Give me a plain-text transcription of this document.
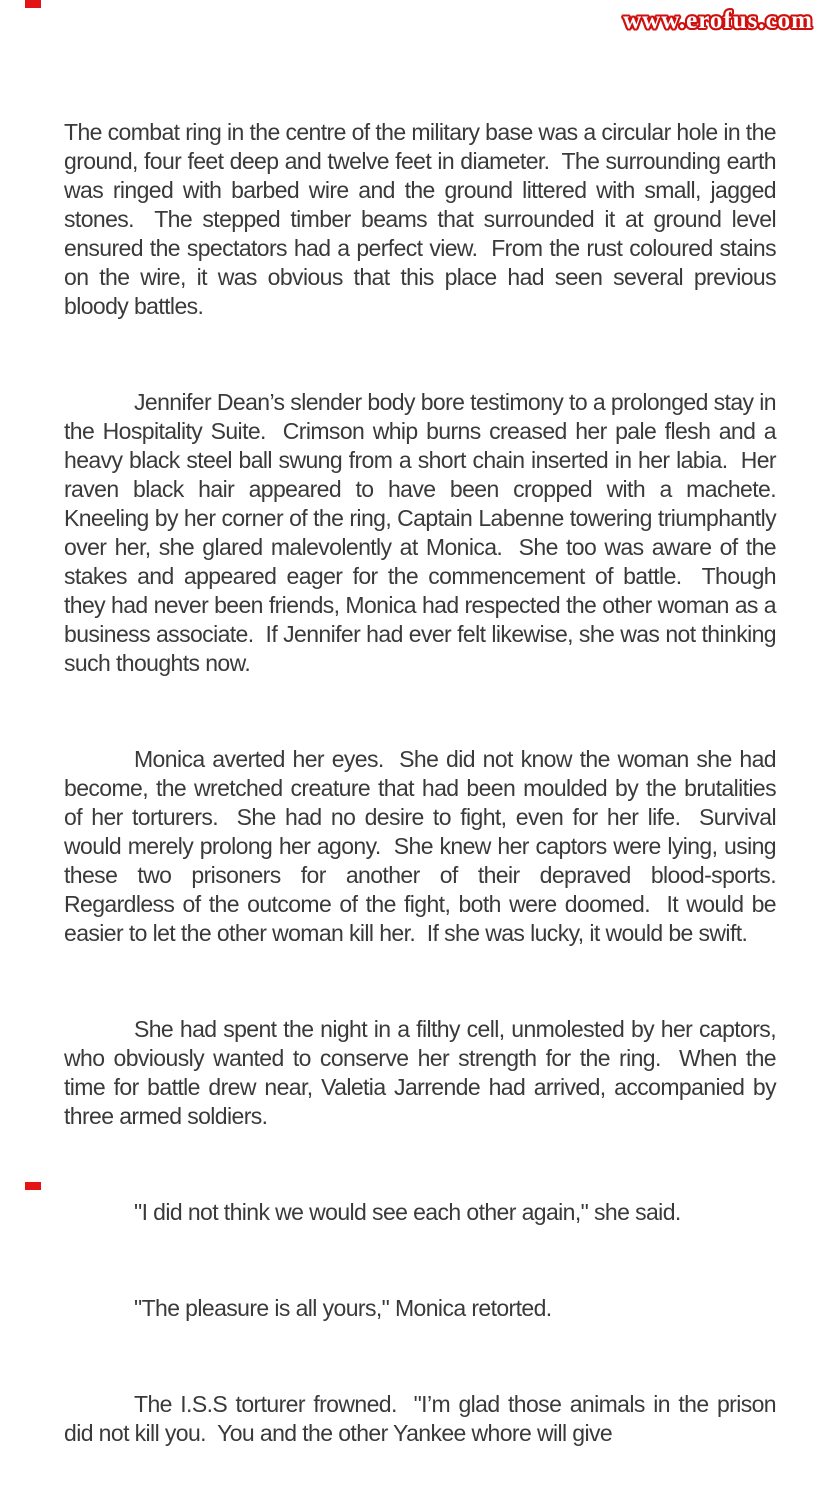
www.erofus.com

The combat ring in the centre of the military base was a circular hole in the ground, four feet deep and twelve feet in diameter.  The surrounding earth was ringed with barbed wire and the ground littered with small, jagged stones.  The stepped timber beams that surrounded it at ground level ensured the spectators had a perfect view.  From the rust coloured stains on the wire, it was obvious that this place had seen several previous bloody battles.

Jennifer Dean’s slender body bore testimony to a prolonged stay in the Hospitality Suite.  Crimson whip burns creased her pale flesh and a heavy black steel ball swung from a short chain inserted in her labia.  Her raven black hair appeared to have been cropped with a machete.  Kneeling by her corner of the ring, Captain Labenne towering triumphantly over her, she glared malevolently at Monica.  She too was aware of the stakes and appeared eager for the commencement of battle.  Though they had never been friends, Monica had respected the other woman as a business associate.  If Jennifer had ever felt likewise, she was not thinking such thoughts now.

Monica averted her eyes.  She did not know the woman she had become, the wretched creature that had been moulded by the brutalities of her torturers.  She had no desire to fight, even for her life.  Survival would merely prolong her agony.  She knew her captors were lying, using these two prisoners for another of their depraved blood-sports.  Regardless of the outcome of the fight, both were doomed.  It would be easier to let the other woman kill her.  If she was lucky, it would be swift.

She had spent the night in a filthy cell, unmolested by her captors, who obviously wanted to conserve her strength for the ring.  When the time for battle drew near, Valetia Jarrende had arrived, accompanied by three armed soldiers.

"I did not think we would see each other again," she said.

"The pleasure is all yours," Monica retorted.

The I.S.S torturer frowned.  "I’m glad those animals in the prison did not kill you.  You and the other Yankee whore will give
